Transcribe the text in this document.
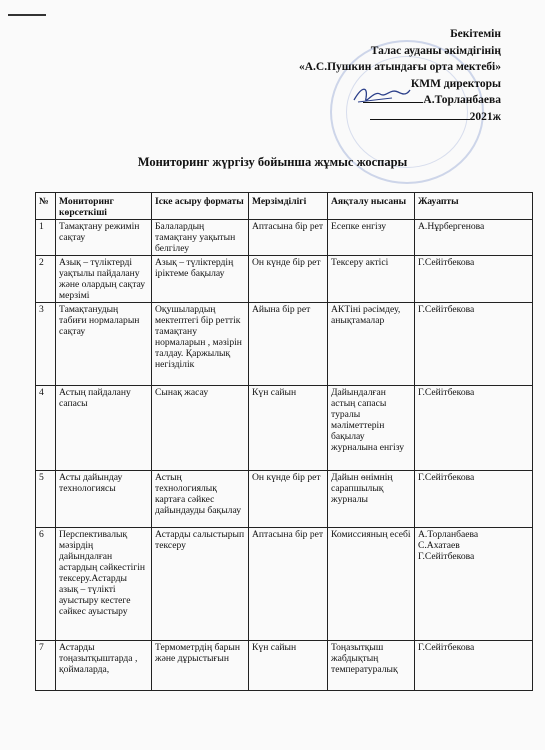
Бекітемін
Талас ауданы әкімдігінің
«А.С.Пушкин атындағы орта мектебі»
КММ директоры
А.Торланбаева
2021ж
Мониторинг жүргізу бойынша жұмыс жоспары
№	Мониторинг көрсеткіші	Іске асыру форматы	Мерзімділігі	Аяқталу нысаны	Жауапты
1	Тамақтану режимін сақтау	Балалардың тамақтану уақытын белгілеу	Аптасына бір рет	Есепке енгізу	А.Нұрбергенова
2	Азық – түліктерді уақтылы пайдалану және олардың сақтау мерзімі	Азық – түліктердің іріктеме бақылау	Он күнде бір рет	Тексеру актісі	Г.Сейітбекова
3	Тамақтанудың табиғи нормаларын сақтау	Оқушылардың мектептегі бір реттік тамақтану нормаларын , мәзірін талдау. Қаржылық негізділік	Айына бір рет	АКТіні рәсімдеу, анықтамалар	Г.Сейітбекова
4	Астың пайдалану сапасы	Сынақ жасау	Күн сайын	Дайындалған астың сапасы туралы мәліметтерін бақылау журналына енгізу	Г.Сейітбекова
5	Асты дайындау технологиясы	Астың технологиялық картаға сәйкес дайындауды бақылау	Он күнде бір рет	Дайын өнімнің сарапшылық журналы	Г.Сейітбекова
6	Перспективалық мәзірдің дайындалған астардың сәйкестігін тексеру.Астарды азық – түлікті ауыстыру кестеге сәйкес ауыстыру	Астарды салыстырып тексеру	Аптасына бір рет	Комиссияның есебі	А.Торланбаева
С.Ахатаев
Г.Сейітбекова
7	Астарды тоңазытқыштарда , қоймаларда,	Термометрдің барын және дұрыстығын	Күн сайын	Тоңазытқыш жабдықтың температуралық	Г.Сейітбекова
